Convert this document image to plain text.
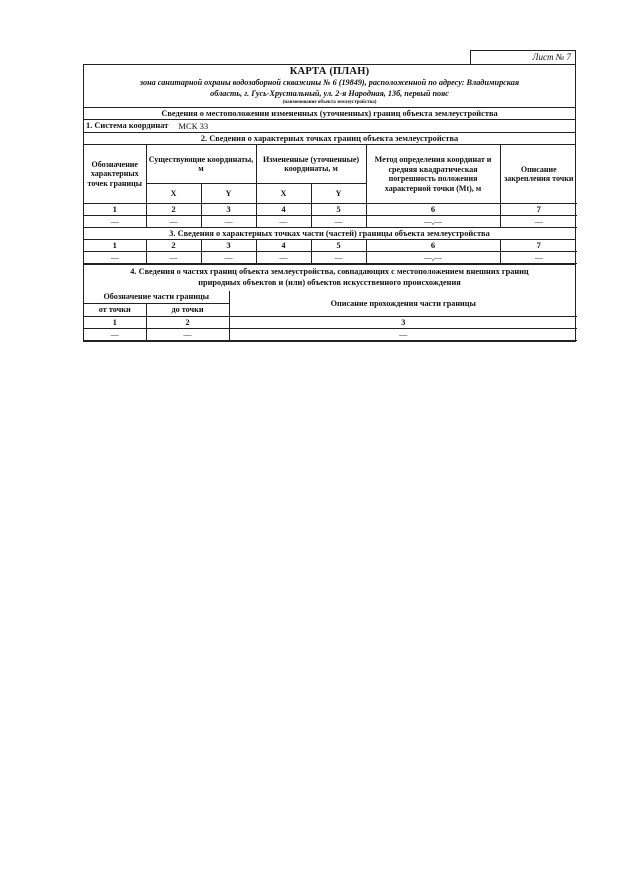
Лист № 7
КАРТА (ПЛАН)
зона санитарной охраны водозаборной скважины № 6 (19849), расположенной по адресу: Владимирская
область, г. Гусь-Хрустальный, ул. 2-я Народная, 13б, первый пояс
(наименование объекта землеустройства)
Сведения о местоположении измененных (уточненных) границ объекта землеустройства
1. Система координат МСК 33
2. Сведения о характерных точках границ объекта землеустройства
Обозначение характерных точек границы	Существующие координаты, м		Измененные (уточненные) координаты, м		Метод определения координат и средняя квадратическая погрешность положения характерной точки (Mt), м	Описание закрепления точки
	X	Y	X	Y		
1	2	3	4	5	6	7
—	—	—	—	—	—,—	—
3. Сведения о характерных точках части (частей) границы объекта землеустройства
1	2	3	4	5	6	7
—	—	—	—	—	—,—	—
4. Сведения о частях границ объекта землеустройства, совпадающих с местоположением внешних границ
природных объектов и (или) объектов искусственного происхождения
Обозначение части границы		Описание прохождения части границы
от точки	до точки	
1	2	3
—	—	—
